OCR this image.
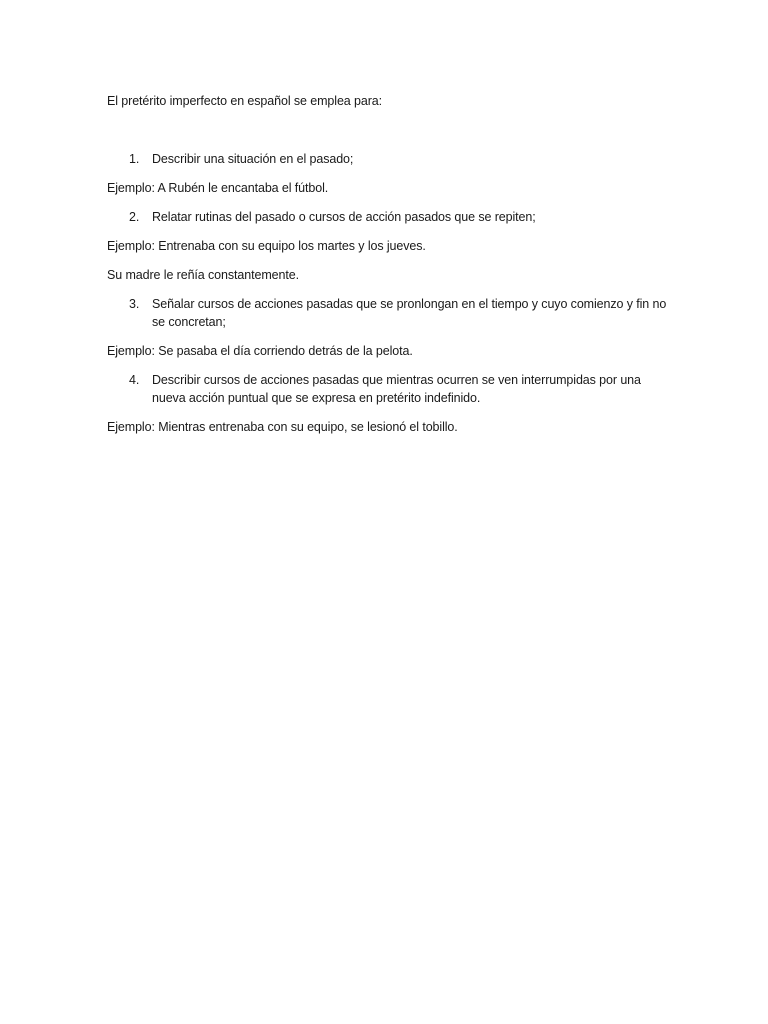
El pretérito imperfecto en español se emplea para:

1. Describir una situación en el pasado;

Ejemplo: A Rubén le encantaba el fútbol.

2. Relatar rutinas del pasado o cursos de acción pasados que se repiten;

Ejemplo: Entrenaba con su equipo los martes y los jueves.

Su madre le reñía constantemente.

3. Señalar cursos de acciones pasadas que se pronlongan en el tiempo y cuyo comienzo y fin no se concretan;

Ejemplo: Se pasaba el día corriendo detrás de la pelota.

4. Describir cursos de acciones pasadas que mientras ocurren se ven interrumpidas por una nueva acción puntual que se expresa en pretérito indefinido.

Ejemplo: Mientras entrenaba con su equipo, se lesionó el tobillo.
